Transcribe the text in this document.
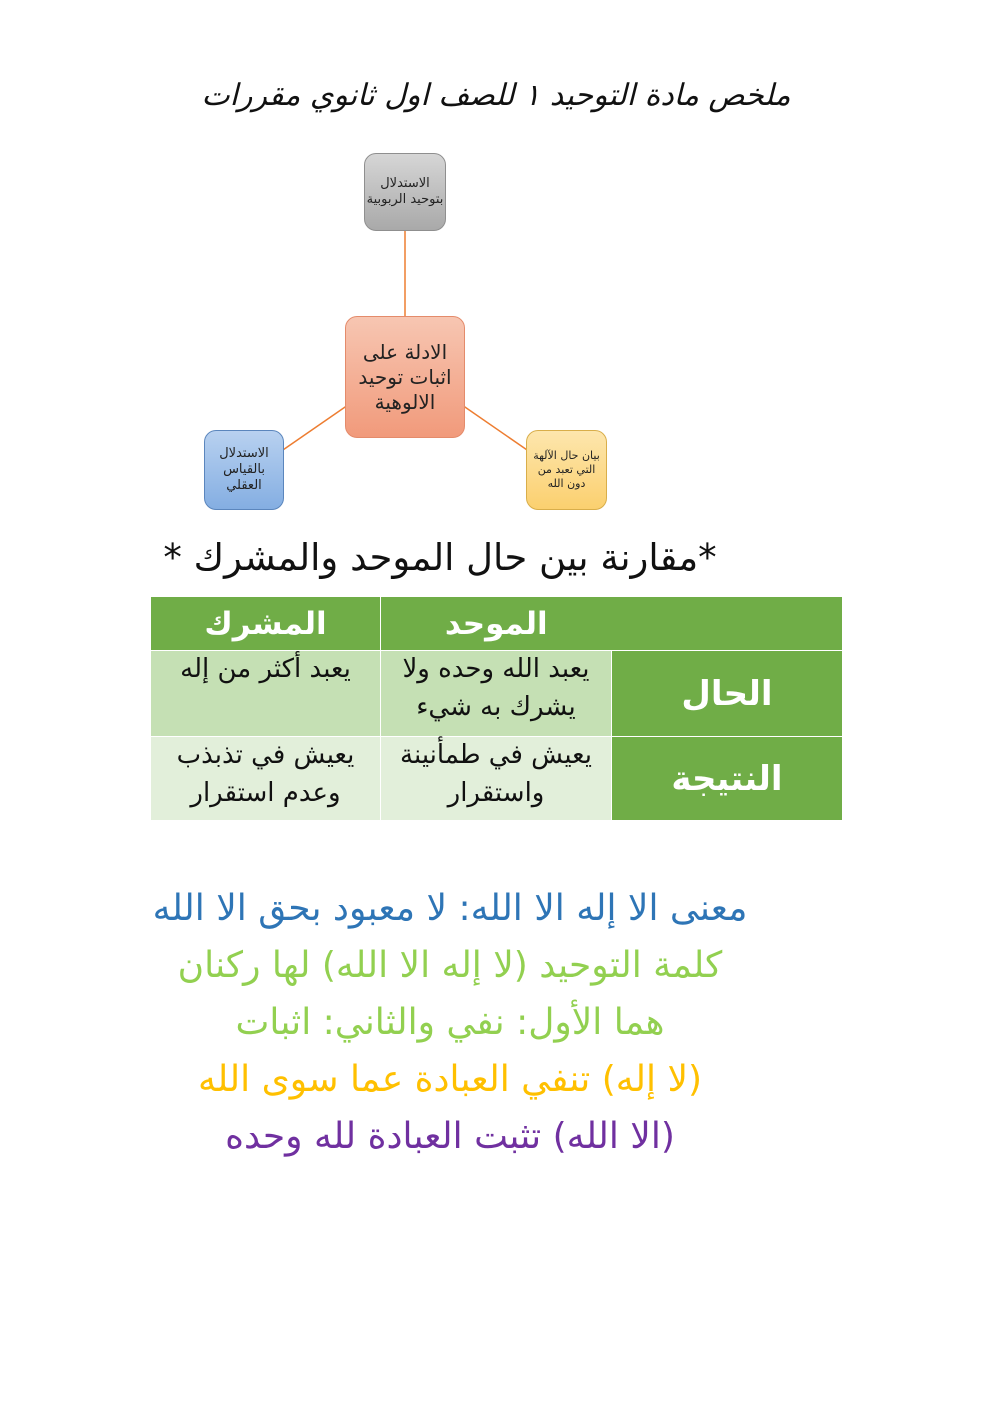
ملخص مادة التوحيد ١ للصف اول ثانوي مقررات
الاستدلال بتوحيد الربوبية
الادلة على اثبات توحيد الالوهية
الاستدلال بالقياس العقلي
بيان حال الآلهة التي تعبد من دون الله
*مقارنة بين حال الموحد والمشرك *
المشرك	الموحد	
يعبد أكثر من إله	يعبد الله وحده ولا يشرك به شيء	الحال
يعيش في تذبذب وعدم استقرار	يعيش في طمأنينة واستقرار	النتيجة
معنى الا إله الا الله: لا معبود بحق الا الله
كلمة التوحيد (لا إله الا الله) لها ركنان
هما الأول: نفي والثاني: اثبات
(لا إله) تنفي العبادة عما سوى الله
(الا الله) تثبت العبادة لله وحده
